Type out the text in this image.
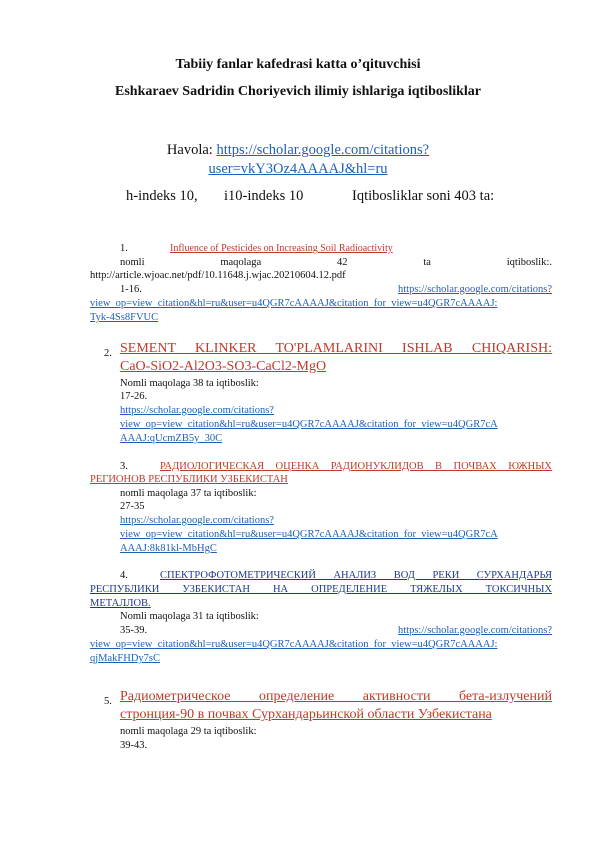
Tabiiy fanlar kafedrasi katta o’qituvchisi
Eshkaraev Sadridin Choriyevich ilimiy ishlariga iqtibosliklar
Havola: https://scholar.google.com/citations?
user=vkY3Oz4AAAAJ&hl=ru
h-indeks 10, i10-indeks 10	Iqtibosliklar soni 403 ta:
1.	Influence of Pesticides on Increasing Soil Radioactivity
nomli	maqolaga	42	ta	iqtiboslik:.
http://article.wjoac.net/pdf/10.11648.j.wjac.20210604.12.pdf
1-16.	https://scholar.google.com/citations?
view_op=view_citation&hl=ru&user=u4QGR7cAAAAJ&citation_for_view=u4QGR7cAAAAJ:
Tyk-4Ss8FVUC
2. SEMENT KLINKER TO'PLAMLARINI ISHLAB CHIQARISH:
CaO-SiO2-Al2O3-SO3-CaCl2-MgO
Nomli maqolaga 38 ta iqtiboslik:
17-26.
https://scholar.google.com/citations?
view_op=view_citation&hl=ru&user=u4QGR7cAAAAJ&citation_for_view=u4QGR7cA
AAAJ:qUcmZB5y_30C
3.	РАДИОЛОГИЧЕСКАЯ ОЦЕНКА РАДИОНУКЛИДОВ В ПОЧВАХ ЮЖНЫХ
РЕГИОНОВ РЕСПУБЛИКИ УЗБЕКИСТАН
nomli maqolaga 37 ta iqtiboslik:
27-35
https://scholar.google.com/citations?
view_op=view_citation&hl=ru&user=u4QGR7cAAAAJ&citation_for_view=u4QGR7cA
AAAJ:8k81kl-MbHgC
4.	СПЕКТРОФОТОМЕТРИЧЕСКИЙ АНАЛИЗ ВОД РЕКИ СУРХАНДАРЬЯ
РЕСПУБЛИКИ УЗБЕКИСТАН НА ОПРЕДЕЛЕНИЕ ТЯЖЕЛЫХ ТОКСИЧНЫХ
МЕТАЛЛОВ.
Nomli maqolaga 31 ta iqtiboslik:
35-39.	https://scholar.google.com/citations?
view_op=view_citation&hl=ru&user=u4QGR7cAAAAJ&citation_for_view=u4QGR7cAAAAJ:
qjMakFHDy7sC
5. Радиометрическое определение активности бета-излучений
стронция-90 в почвах Сурхандарьинской области Узбекистана
nomli maqolaga 29 ta iqtiboslik:
39-43.
